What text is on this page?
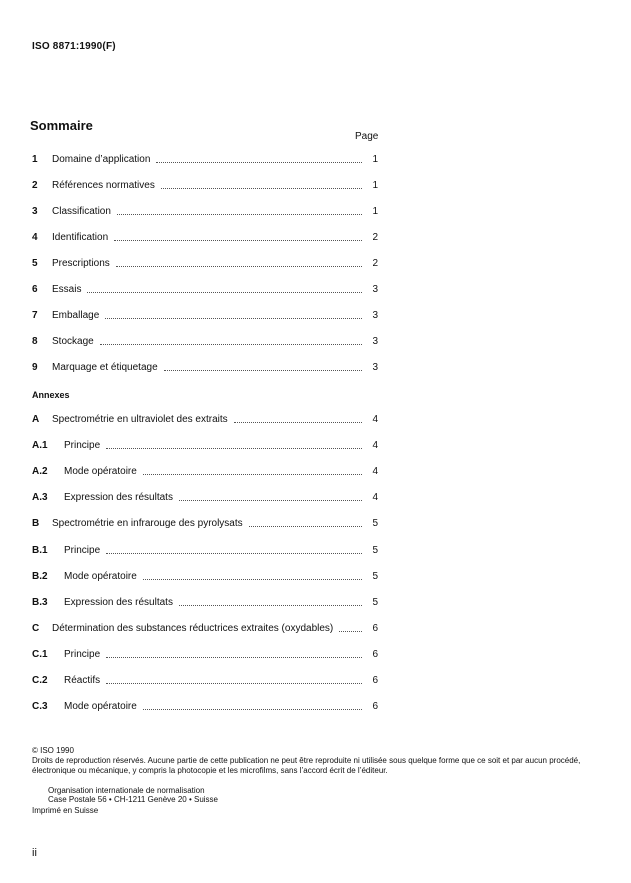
ISO 8871:1990(F)
Sommaire
Page
1	Domaine d’application	1
2	Références normatives	1
3	Classification	1
4	Identification	2
5	Prescriptions	2
6	Essais	3
7	Emballage	3
8	Stockage	3
9	Marquage et étiquetage	3
Annexes
A	Spectrométrie en ultraviolet des extraits	4
A.1	Principe	4
A.2	Mode opératoire	4
A.3	Expression des résultats	4
B	Spectrométrie en infrarouge des pyrolysats	5
B.1	Principe	5
B.2	Mode opératoire	5
B.3	Expression des résultats	5
C	Détermination des substances réductrices extraites (oxydables)	6
C.1	Principe	6
C.2	Réactifs	6
C.3	Mode opératoire	6
© ISO 1990
Droits de reproduction réservés. Aucune partie de cette publication ne peut être reproduite ni utilisée sous quelque forme que ce soit et par aucun procédé, électronique ou mécanique, y compris la photocopie et les microfilms, sans l’accord écrit de l’éditeur.
Organisation internationale de normalisation
Case Postale 56 • CH-1211 Genève 20 • Suisse
Imprimé en Suisse
ii
